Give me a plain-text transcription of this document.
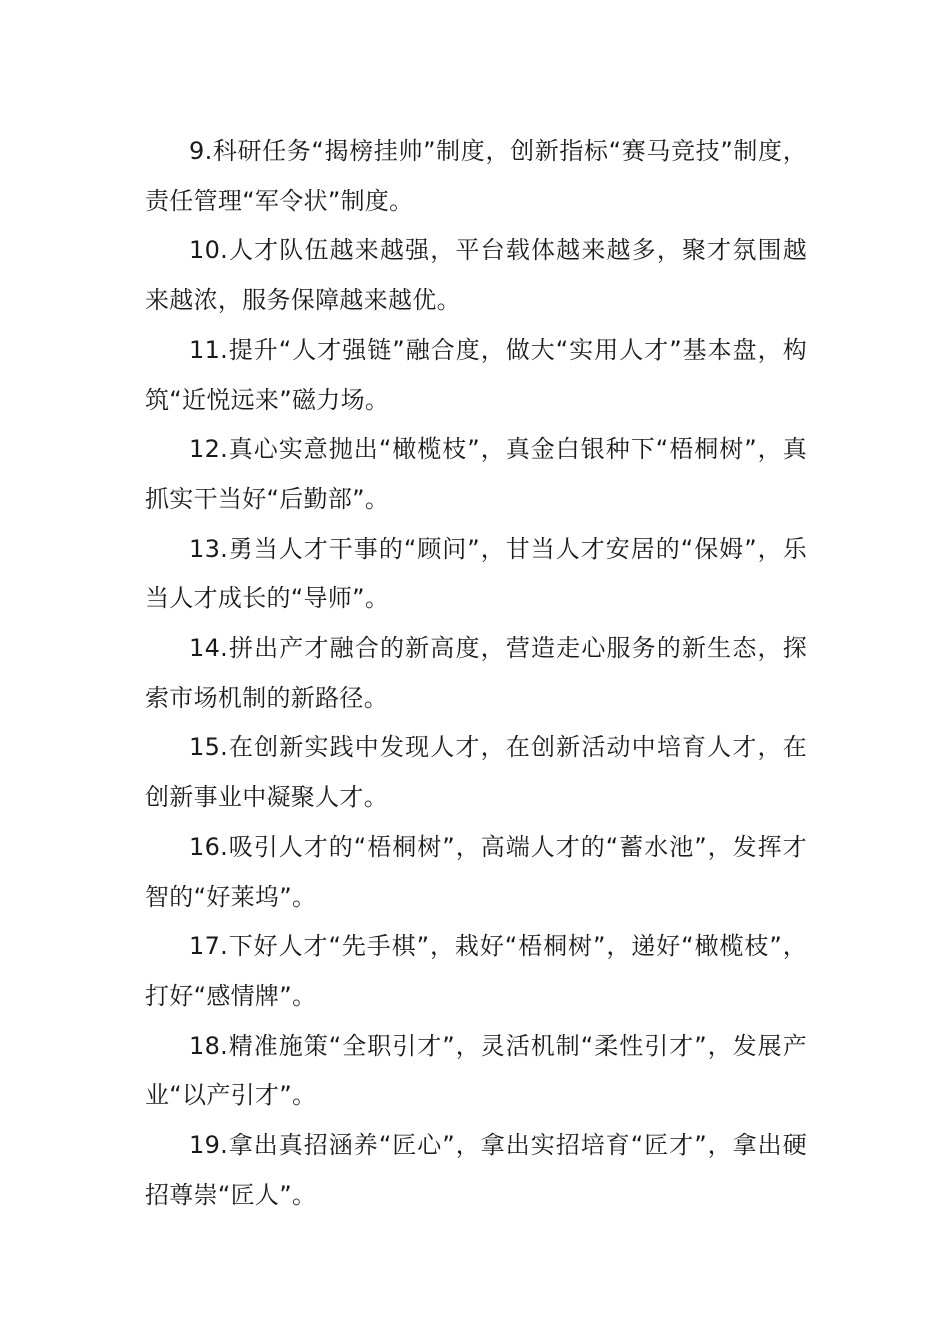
9.科研任务“揭榜挂帅”制度，创新指标“赛马竞技”制度，责任管理“军令状”制度。

10.人才队伍越来越强，平台载体越来越多，聚才氛围越来越浓，服务保障越来越优。

11.提升“人才强链”融合度，做大“实用人才”基本盘，构筑“近悦远来”磁力场。

12.真心实意抛出“橄榄枝”，真金白银种下“梧桐树”，真抓实干当好“后勤部”。

13.勇当人才干事的“顾问”，甘当人才安居的“保姆”，乐当人才成长的“导师”。

14.拼出产才融合的新高度，营造走心服务的新生态，探索市场机制的新路径。

15.在创新实践中发现人才，在创新活动中培育人才，在创新事业中凝聚人才。

16.吸引人才的“梧桐树”，高端人才的“蓄水池”，发挥才智的“好莱坞”。

17.下好人才“先手棋”，栽好“梧桐树”，递好“橄榄枝”，打好“感情牌”。

18.精准施策“全职引才”，灵活机制“柔性引才”，发展产业“以产引才”。

19.拿出真招涵养“匠心”，拿出实招培育“匠才”，拿出硬招尊崇“匠人”。
